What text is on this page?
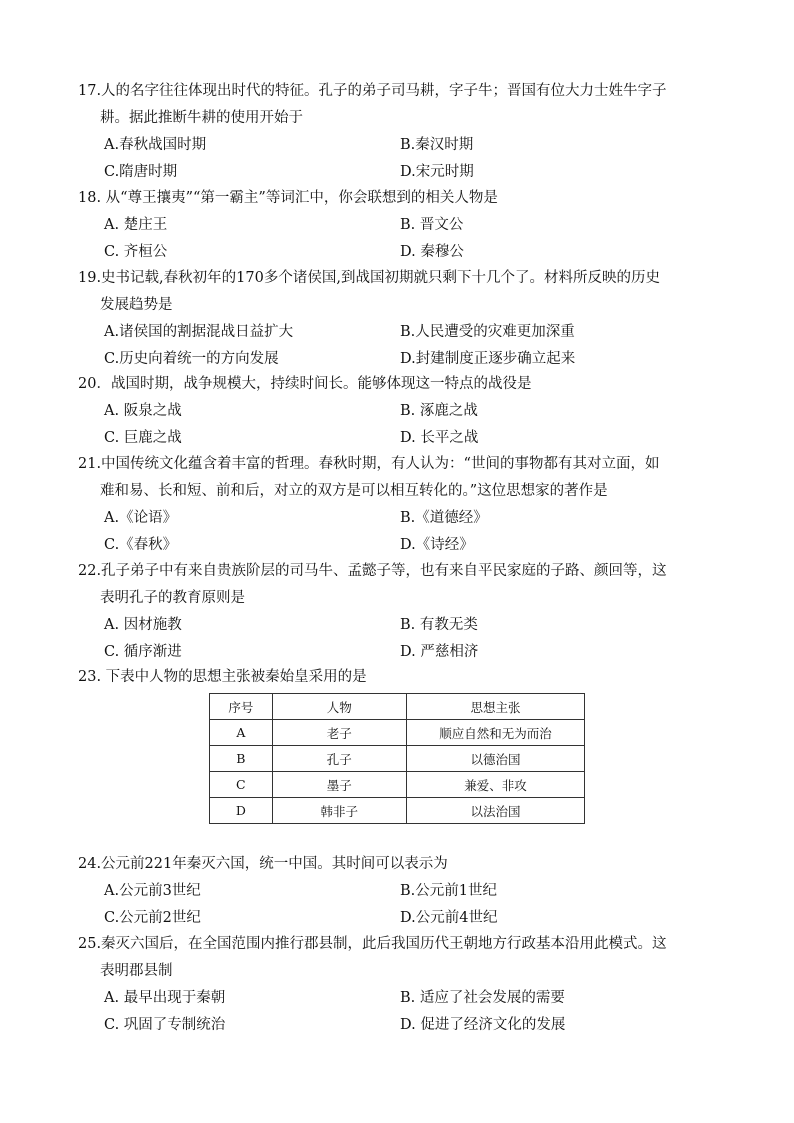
17.人的名字往往体现出时代的特征。孔子的弟子司马耕，字子牛；晋国有位大力士姓牛字子
耕。据此推断牛耕的使用开始于

A.春秋战国时期	B.秦汉时期
C.隋唐时期	D.宋元时期

18. 从“尊王攘夷”“第一霸主”等词汇中，你会联想到的相关人物是

A. 楚庄王	B. 晋文公
C. 齐桓公	D. 秦穆公

19.史书记载,春秋初年的170多个诸侯国,到战国初期就只剩下十几个了。材料所反映的历史
发展趋势是

A.诸侯国的割据混战日益扩大	B.人民遭受的灾难更加深重
C.历史向着统一的方向发展	D.封建制度正逐步确立起来

20．战国时期，战争规模大，持续时间长。能够体现这一特点的战役是

A. 阪泉之战	B. 涿鹿之战
C. 巨鹿之战	D. 长平之战

21.中国传统文化蕴含着丰富的哲理。春秋时期，有人认为：“世间的事物都有其对立面，如
难和易、长和短、前和后，对立的双方是可以相互转化的。”这位思想家的著作是

A.《论语》	B.《道德经》
C.《春秋》	D.《诗经》

22.孔子弟子中有来自贵族阶层的司马牛、孟懿子等，也有来自平民家庭的子路、颜回等，这
表明孔子的教育原则是

A. 因材施教	B. 有教无类
C. 循序渐进	D. 严慈相济

23. 下表中人物的思想主张被秦始皇采用的是

序号	人物	思想主张
A	老子	顺应自然和无为而治
B	孔子	以德治国
C	墨子	兼爱、非攻
D	韩非子	以法治国

24.公元前221年秦灭六国，统一中国。其时间可以表示为

A.公元前3世纪	B.公元前1世纪
C.公元前2世纪	D.公元前4世纪

25.秦灭六国后，在全国范围内推行郡县制，此后我国历代王朝地方行政基本沿用此模式。这
表明郡县制

A. 最早出现于秦朝	B. 适应了社会发展的需要
C. 巩固了专制统治	D. 促进了经济文化的发展
